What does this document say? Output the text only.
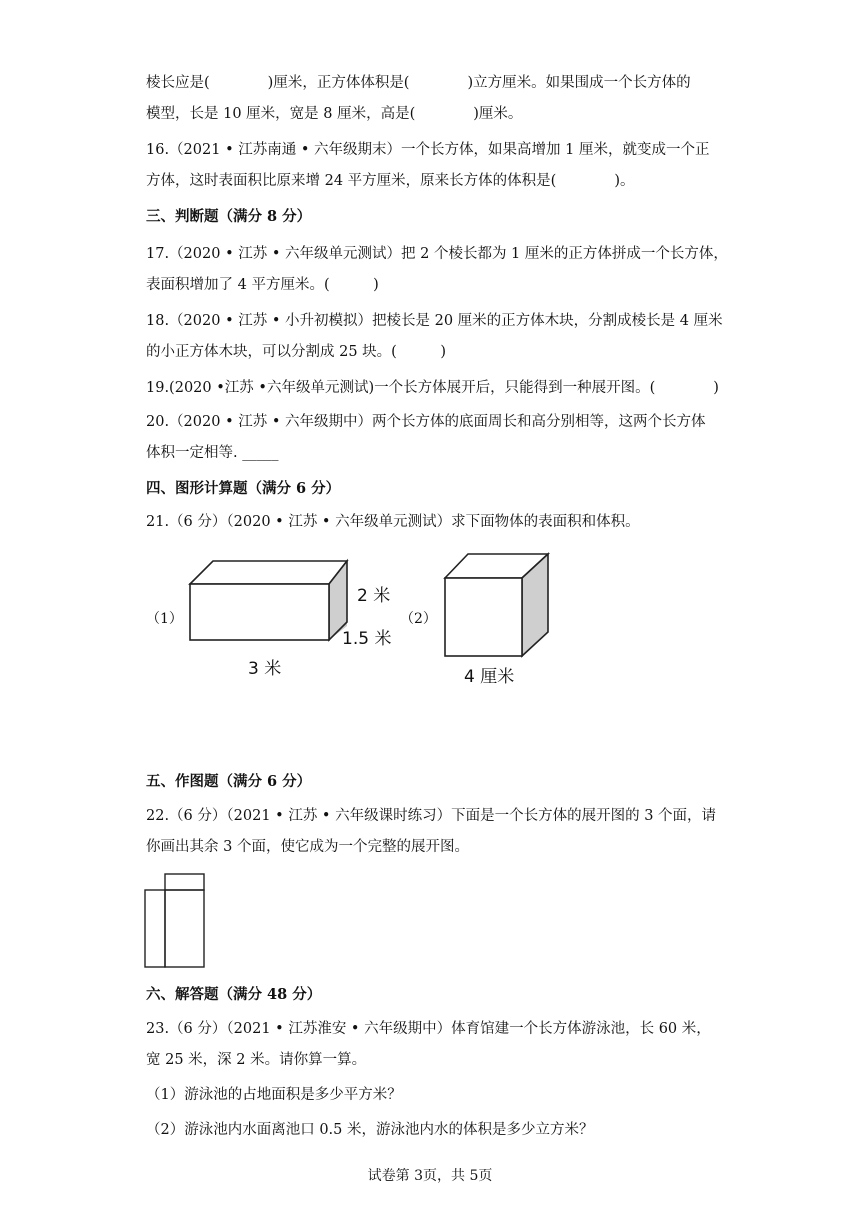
棱长应是(　　　　)厘米，正方体体积是(　　　　)立方厘米。如果围成一个长方体的
模型，长是 10 厘米，宽是 8 厘米，高是(　　　　)厘米。
16.（2021 • 江苏南通 • 六年级期末）一个长方体，如果高增加 1 厘米，就变成一个正
方体，这时表面积比原来增 24 平方厘米，原来长方体的体积是(　　　　)。
三、判断题（满分 8 分）
17.（2020 • 江苏 • 六年级单元测试）把 2 个棱长都为 1 厘米的正方体拼成一个长方体，
表面积增加了 4 平方厘米。(　　　)
18.（2020 • 江苏 • 小升初模拟）把棱长是 20 厘米的正方体木块，分割成棱长是 4 厘米
的小正方体木块，可以分割成 25 块。(　　　)
19.(2020 •江苏 •六年级单元测试)一个长方体展开后，只能得到一种展开图。(　　　　)
20.（2020 • 江苏 • 六年级期中）两个长方体的底面周长和高分别相等，这两个长方体
体积一定相等. _____
四、图形计算题（满分 6 分）
21.（6 分）（2020 • 江苏 • 六年级单元测试）求下面物体的表面积和体积。
（1）
2 米
1.5 米
3 米
（2）
4 厘米
五、作图题（满分 6 分）
22.（6 分）（2021 • 江苏 • 六年级课时练习）下面是一个长方体的展开图的 3 个面，请
你画出其余 3 个面，使它成为一个完整的展开图。
六、解答题（满分 48 分）
23.（6 分）（2021 • 江苏淮安 • 六年级期中）体育馆建一个长方体游泳池，长 60 米，
宽 25 米，深 2 米。请你算一算。
（1）游泳池的占地面积是多少平方米？
（2）游泳池内水面离池口 0.5 米，游泳池内水的体积是多少立方米？
试卷第 3页，共 5页
